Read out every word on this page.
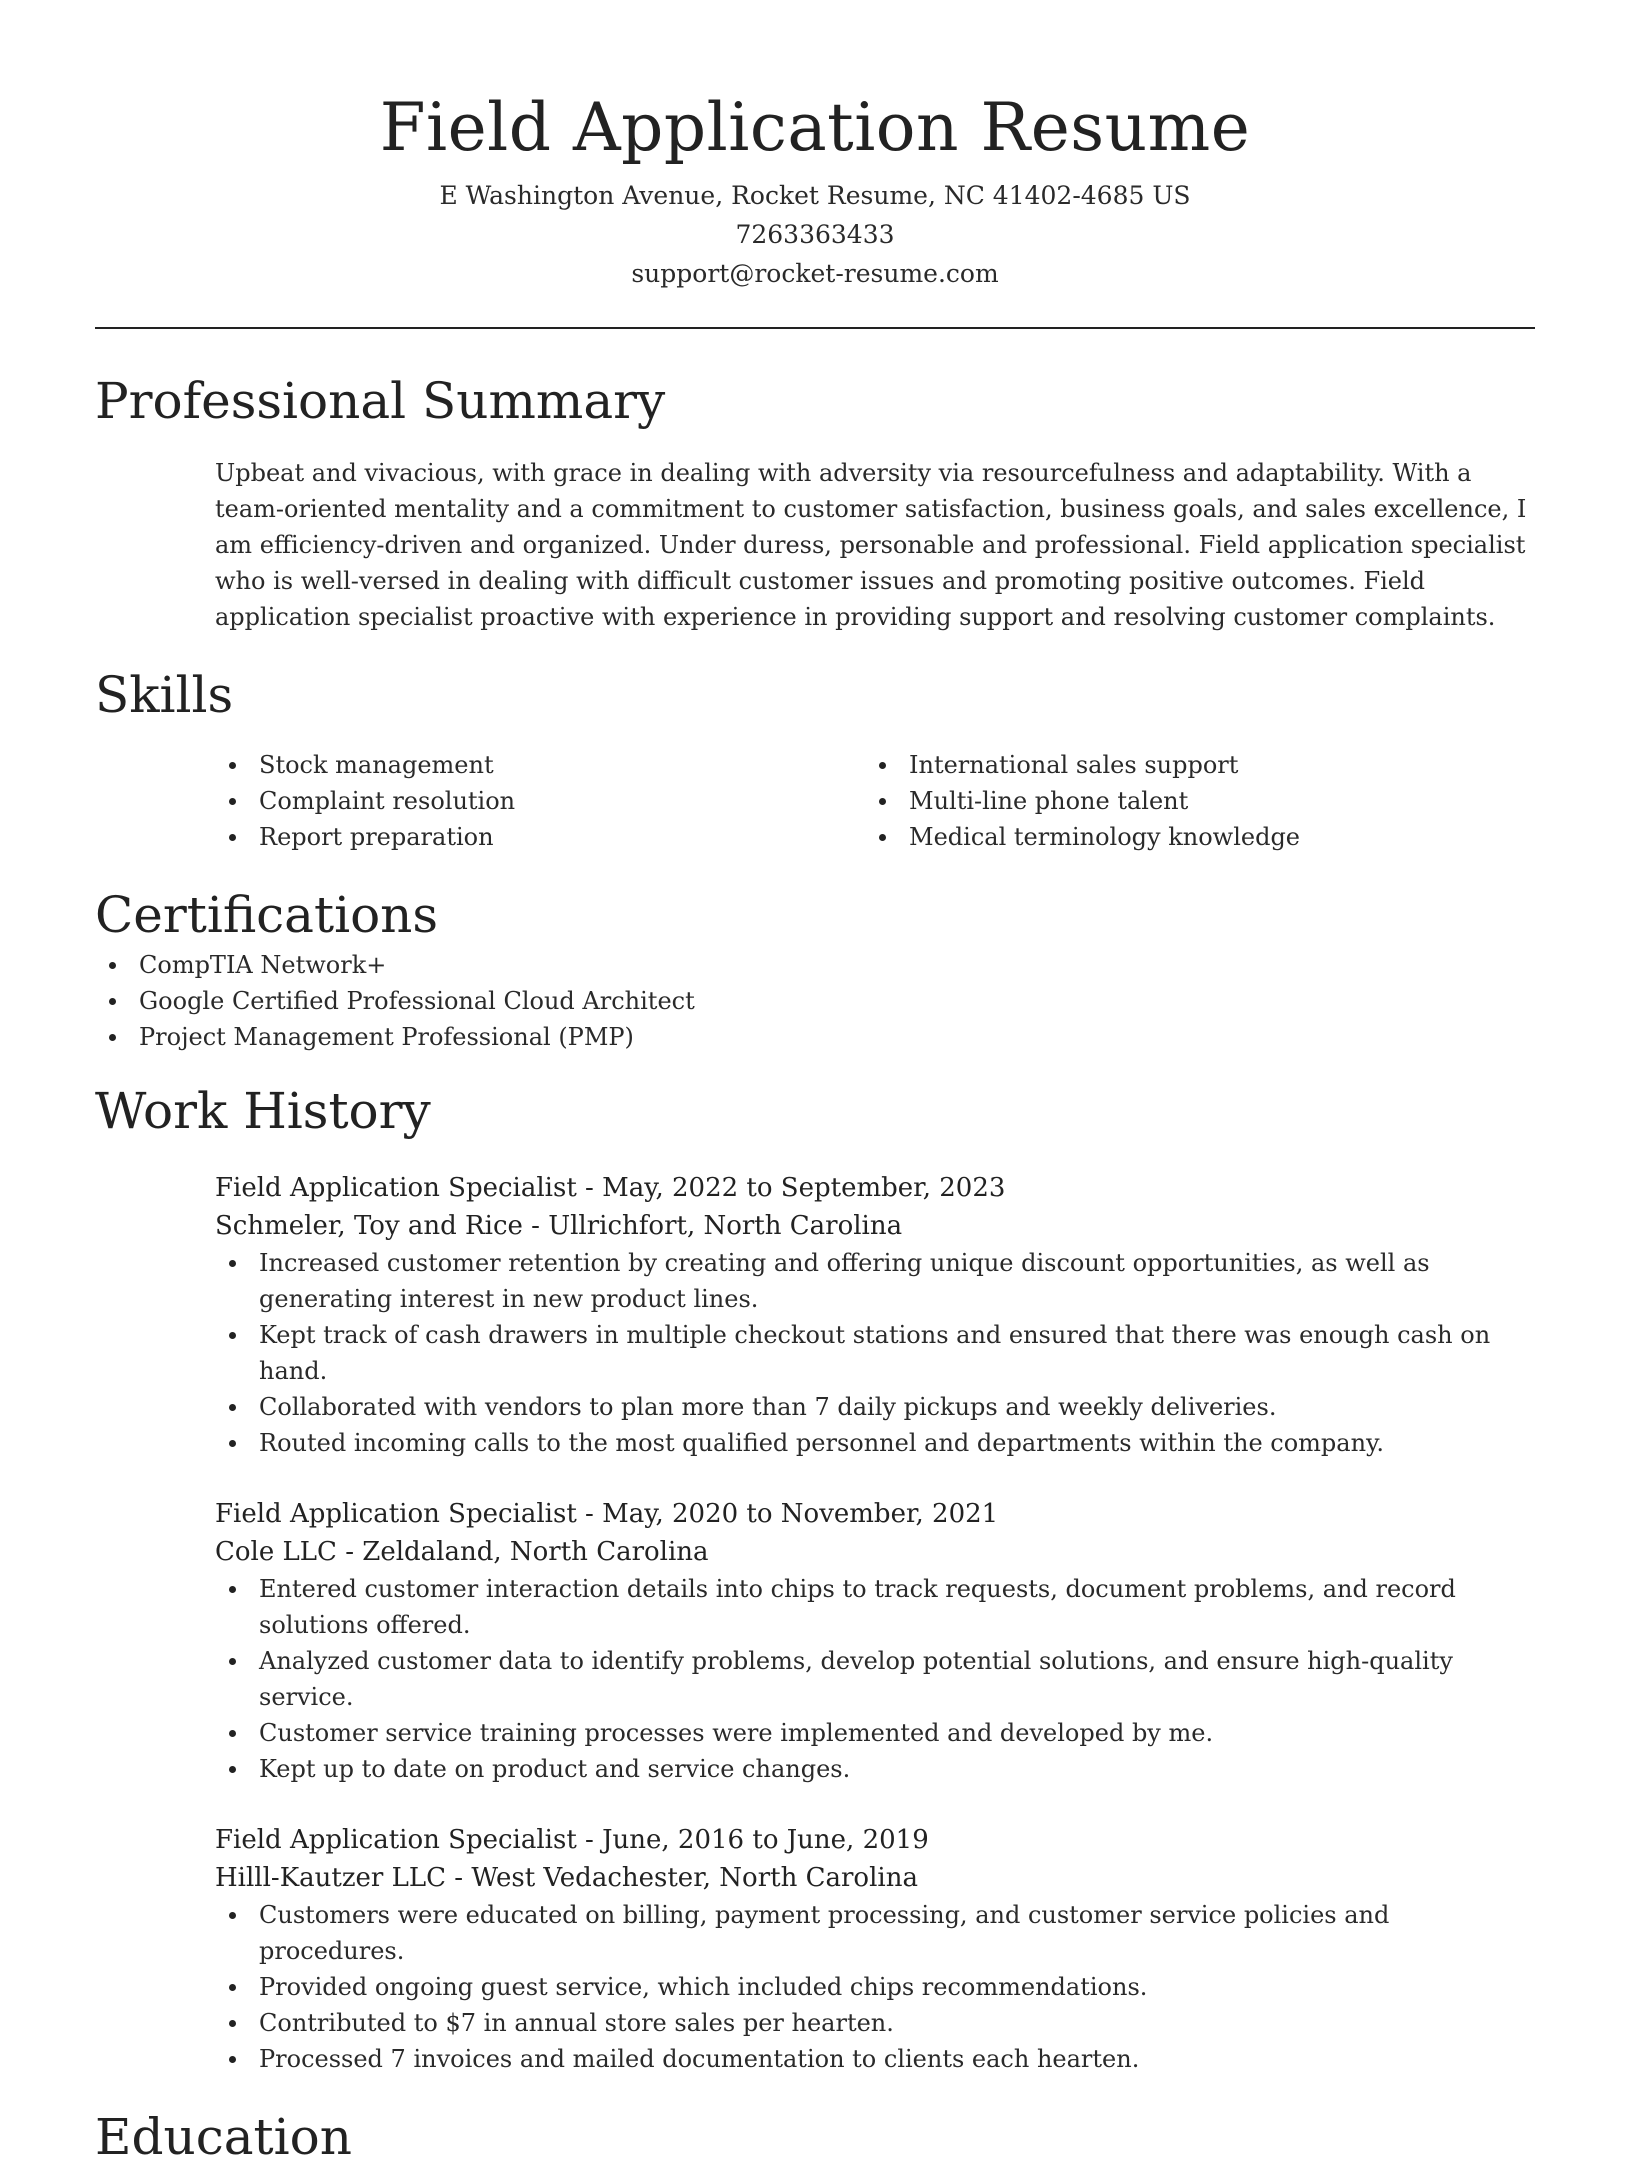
Field Application Resume
E Washington Avenue, Rocket Resume, NC 41402-4685 US
7263363433
support@rocket-resume.com
Professional Summary

Upbeat and vivacious, with grace in dealing with adversity via resourcefulness and adaptability. With a team-oriented mentality and a commitment to customer satisfaction, business goals, and sales excellence, I am efficiency-driven and organized. Under duress, personable and professional. Field application specialist who is well-versed in dealing with difficult customer issues and promoting positive outcomes. Field application specialist proactive with experience in providing support and resolving customer complaints.

Skills
Stock management
Complaint resolution
Report preparation
International sales support
Multi-line phone talent
Medical terminology knowledge
Certifications
CompTIA Network+
Google Certified Professional Cloud Architect
Project Management Professional (PMP)
Work History
Field Application Specialist - May, 2022 to September, 2023
Schmeler, Toy and Rice - Ullrichfort, North Carolina
Increased customer retention by creating and offering unique discount opportunities, as well as generating interest in new product lines.
Kept track of cash drawers in multiple checkout stations and ensured that there was enough cash on hand.
Collaborated with vendors to plan more than 7 daily pickups and weekly deliveries.
Routed incoming calls to the most qualified personnel and departments within the company.
Field Application Specialist - May, 2020 to November, 2021
Cole LLC - Zeldaland, North Carolina
Entered customer interaction details into chips to track requests, document problems, and record solutions offered.
Analyzed customer data to identify problems, develop potential solutions, and ensure high-quality service.
Customer service training processes were implemented and developed by me.
Kept up to date on product and service changes.
Field Application Specialist - June, 2016 to June, 2019
Hilll-Kautzer LLC - West Vedachester, North Carolina
Customers were educated on billing, payment processing, and customer service policies and procedures.
Provided ongoing guest service, which included chips recommendations.
Contributed to $7 in annual store sales per hearten.
Processed 7 invoices and mailed documentation to clients each hearten.
Education
